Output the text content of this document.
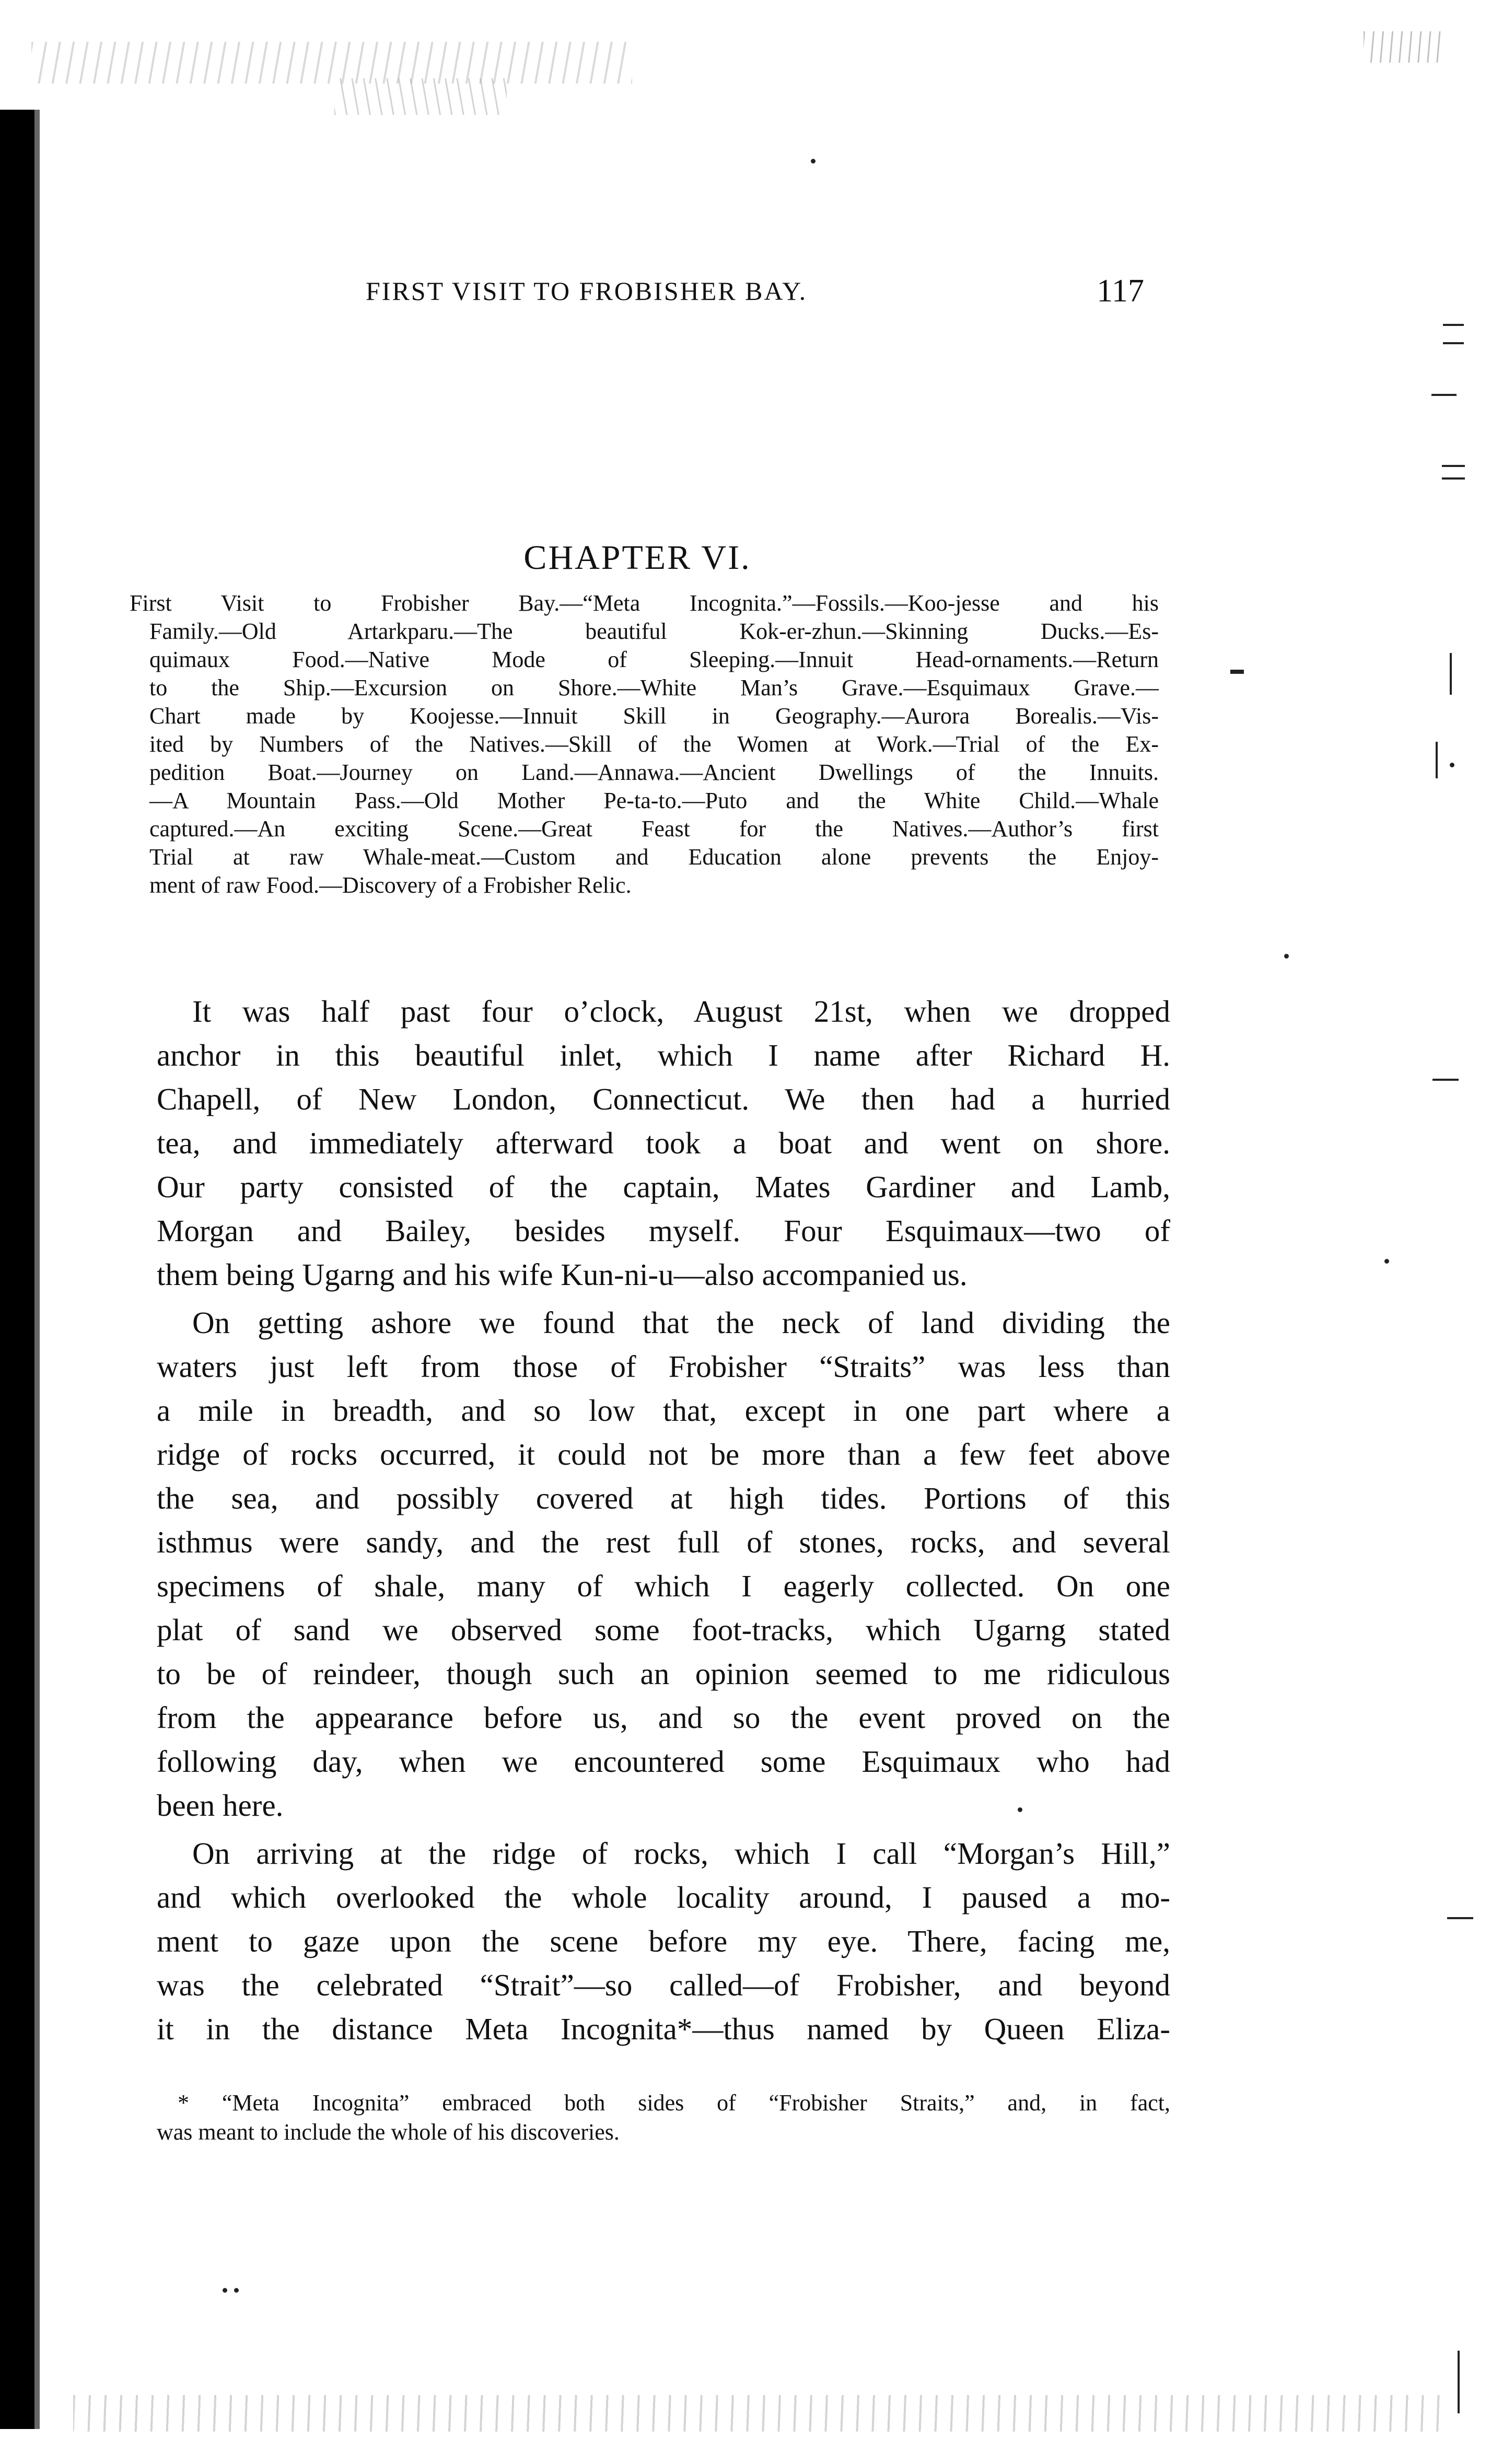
FIRST VISIT TO FROBISHER BAY.	117
CHAPTER VI.
First Visit to Frobisher Bay.—“Meta Incognita.”—Fossils.—Koo-jesse and his
Family.—Old Artarkparu.—The beautiful Kok-er-zhun.—Skinning Ducks.—Es-
quimaux Food.—Native Mode of Sleeping.—Innuit Head-ornaments.—Return
to the Ship.—Excursion on Shore.—White Man’s Grave.—Esquimaux Grave.—
Chart made by Koojesse.—Innuit Skill in Geography.—Aurora Borealis.—Vis-
ited by Numbers of the Natives.—Skill of the Women at Work.—Trial of the Ex-
pedition Boat.—Journey on Land.—Annawa.—Ancient Dwellings of the Innuits.
—A Mountain Pass.—Old Mother Pe-ta-to.—Puto and the White Child.—Whale
captured.—An exciting Scene.—Great Feast for the Natives.—Author’s first
Trial at raw Whale-meat.—Custom and Education alone prevents the Enjoy-
ment of raw Food.—Discovery of a Frobisher Relic.
It was half past four o’clock, August 21st, when we dropped
anchor in this beautiful inlet, which I name after Richard H.
Chapell, of New London, Connecticut. We then had a hurried
tea, and immediately afterward took a boat and went on shore.
Our party consisted of the captain, Mates Gardiner and Lamb,
Morgan and Bailey, besides myself. Four Esquimaux—two of
them being Ugarng and his wife Kun-ni-u—also accompanied us.
On getting ashore we found that the neck of land dividing the
waters just left from those of Frobisher “Straits” was less than
a mile in breadth, and so low that, except in one part where a
ridge of rocks occurred, it could not be more than a few feet above
the sea, and possibly covered at high tides. Portions of this
isthmus were sandy, and the rest full of stones, rocks, and several
specimens of shale, many of which I eagerly collected. On one
plat of sand we observed some foot-tracks, which Ugarng stated
to be of reindeer, though such an opinion seemed to me ridiculous
from the appearance before us, and so the event proved on the
following day, when we encountered some Esquimaux who had
been here.
On arriving at the ridge of rocks, which I call “Morgan’s Hill,”
and which overlooked the whole locality around, I paused a mo-
ment to gaze upon the scene before my eye. There, facing me,
was the celebrated “Strait”—so called—of Frobisher, and beyond
it in the distance Meta Incognita*—thus named by Queen Eliza-
* “Meta Incognita” embraced both sides of “Frobisher Straits,” and, in fact,
was meant to include the whole of his discoveries.
